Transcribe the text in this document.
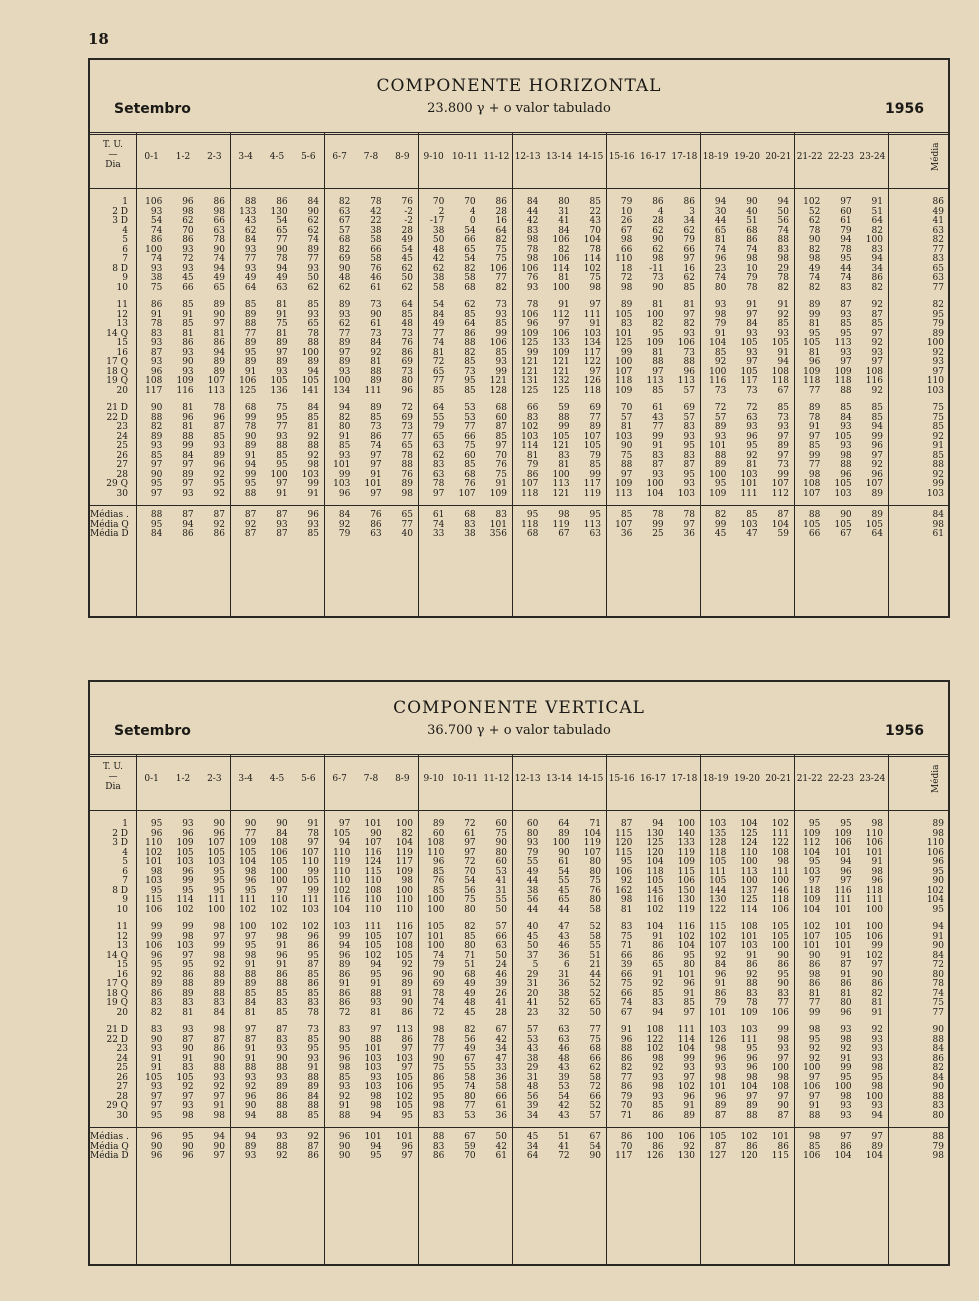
18
COMPONENTE HORIZONTAL
Setembro	23.800 γ + o valor tabulado	1956
T. U.
—
Dia
0-1	1-2	2-3	3-4	4-5	5-6	6-7	7-8	8-9	9-10 10-11 11-12 12-13 13-14 14-15 15-16 16-17 17-18 18-19 19-20 20-21 21-22 22-23 23-24	Média
1	106	96	86	88	86	84	82	78	76	70	70	86	84	80	85	79	86	86	94	90	94	102	97	91	86
2 D	93	98	98	133	130	90	63	42	-2	2	4	28	44	31	22	10	4	3	30	40	50	52	60	51	49
3 D	54	62	66	43	54	62	67	22	-2	-17	0	16	42	41	43	26	28	34	44	51	56	62	61	64	41
4	74	70	63	62	65	62	57	38	28	38	54	64	83	84	70	67	62	62	65	68	74	78	79	82	63
5	86	86	78	84	77	74	68	58	49	50	66	82	98	106	104	98	90	79	81	86	88	90	94	100	82
6	100	93	90	93	90	89	82	66	54	48	65	75	78	82	78	66	62	66	74	74	83	82	78	83	77
7	74	72	74	77	78	77	69	58	45	42	54	75	98	106	114	110	98	97	96	98	98	98	95	94	83
8 D	93	93	94	93	94	93	90	76	62	62	82	106	106	114	102	18	-11	16	23	10	29	49	44	34	65
9	38	45	49	49	49	50	48	46	50	38	58	77	76	81	75	72	73	62	74	79	78	74	74	86	63
10	75	66	65	64	63	62	62	61	62	58	68	82	93	100	98	98	90	85	80	78	82	82	83	82	77
11	86	85	89	85	81	85	89	73	64	54	62	73	78	91	97	89	81	81	93	91	91	89	87	92	82
12	91	91	90	89	91	93	93	90	85	84	85	93	106	112	111	105	100	97	98	97	92	99	93	87	95
13	78	85	97	88	75	65	62	61	48	49	64	85	96	97	91	83	82	82	79	84	85	81	85	85	79
14 Q	83	81	81	77	81	78	77	73	73	77	86	99	109	106	103	101	95	93	91	93	93	95	95	97	89
15	93	86	86	89	89	88	89	84	76	74	88	106	125	133	134	125	109	106	104	105	105	105	113	92	100
16	87	93	94	95	97	100	97	92	86	81	82	85	99	109	117	99	81	73	85	93	91	81	93	93	92
17 Q	93	90	89	89	89	89	89	81	69	72	85	93	121	121	122	100	88	88	92	97	94	96	97	97	93
18 Q	96	93	89	91	93	94	93	88	73	65	73	99	121	121	97	107	97	96	100	105	108	109	109	108	97
19 Q	108	109	107	106	105	105	100	89	80	77	95	121	131	132	126	118	113	113	116	117	118	118	118	116	110
20	117	116	113	125	136	141	134	111	96	85	85	128	125	125	118	109	85	57	73	73	67	77	88	92	103
21 D	90	81	78	68	75	84	94	89	72	64	53	68	66	59	69	70	61	69	72	72	85	89	85	85	75
22 D	88	96	96	99	95	85	82	85	69	55	53	60	83	88	77	57	43	57	57	63	73	78	84	85	75
23	82	81	87	78	77	81	80	73	73	79	77	87	102	99	89	81	77	83	89	93	93	91	93	94	85
24	89	88	85	90	93	92	91	86	77	65	66	85	103	105	107	103	99	93	93	96	97	97	105	99	92
25	93	99	93	89	88	88	85	74	65	63	75	97	114	121	105	90	91	95	101	95	89	85	93	96	91
26	85	84	89	91	85	92	93	97	78	62	60	70	81	83	79	75	83	83	88	92	97	99	98	97	85
27	97	97	96	94	95	98	101	97	88	83	85	76	79	81	85	88	87	87	89	81	73	77	88	92	88
28	90	89	92	99	100	103	99	91	76	63	68	75	86	100	99	97	93	95	100	103	99	98	96	96	92
29 Q	95	97	95	95	97	99	103	101	89	78	76	91	107	113	117	109	100	93	95	101	107	108	105	107	99
30	97	93	92	88	91	91	96	97	98	97	107	109	118	121	119	113	104	103	109	111	112	107	103	89	103
Médias .	88	87	87	87	87	96	84	76	65	61	68	83	95	98	95	85	78	78	82	85	87	88	90	89	84
Média Q	95	94	92	92	93	93	92	86	77	74	83	101	118	119	113	107	99	97	99	103	104	105	105	105	98
Média D	84	86	86	87	87	85	79	63	40	33	38	356	68	67	63	36	25	36	45	47	59	66	67	64	61
COMPONENTE VERTICAL
Setembro	36.700 γ + o valor tabulado	1956
T. U.
—
Dia
0-1	1-2	2-3	3-4	4-5	5-6	6-7	7-8	8-9	9-10 10-11 11-12 12-13 13-14 14-15 15-16 16-17 17-18 18-19 19-20 20-21 21-22 22-23 23-24	Média
1	95	93	90	90	90	91	97	101	100	89	72	60	60	64	71	87	94	100	103	104	102	95	95	98	89
2 D	96	96	96	77	84	78	105	90	82	60	61	75	80	89	104	115	130	140	135	125	111	109	109	110	98
3 D	110	109	107	109	108	97	94	107	104	108	97	90	93	100	119	120	125	133	128	124	122	112	106	106	110
4	102	105	105	105	106	107	110	116	119	110	97	80	79	90	107	115	120	119	118	110	108	104	101	101	106
5	101	103	103	104	105	110	119	124	117	96	72	60	55	61	80	95	104	109	105	100	98	95	94	91	96
6	98	96	95	98	100	99	110	115	109	85	70	53	49	54	80	106	118	115	111	113	111	103	96	98	95
7	103	99	95	96	100	105	110	110	98	76	54	41	44	55	75	92	105	106	105	100	100	97	97	96	90
8 D	95	95	95	95	97	99	102	108	100	85	56	31	38	45	76	162	145	150	144	137	146	118	116	118	102
9	115	114	111	111	110	111	116	110	110	100	75	55	56	65	80	98	116	130	130	125	118	109	111	111	104
10	106	102	100	102	102	103	104	110	110	100	80	50	44	44	58	81	102	119	122	114	106	104	101	100	95
11	99	99	98	100	102	102	103	111	116	105	82	57	40	47	52	83	104	116	115	108	105	102	101	100	94
12	99	98	97	97	98	96	99	105	107	101	85	66	45	43	58	75	91	102	102	101	105	107	105	106	91
13	106	103	99	95	91	86	94	105	108	100	80	63	50	46	55	71	86	104	107	103	100	101	101	99	90
14 Q	96	97	98	98	96	95	96	102	105	74	71	50	37	36	51	66	86	95	92	91	90	90	91	102	84
15	95	95	92	91	91	87	89	94	92	79	51	24	5	6	21	39	65	80	84	86	86	86	87	97	72
16	92	86	88	88	86	85	86	95	96	90	68	46	29	31	44	66	91	101	96	92	95	98	91	90	80
17 Q	89	88	89	89	88	86	91	91	89	69	49	39	31	36	52	75	92	96	91	88	90	86	86	86	78
18 Q	86	89	88	85	85	85	86	88	91	78	49	26	20	38	52	66	85	91	86	83	83	81	81	82	74
19 Q	83	83	83	84	83	83	86	93	90	74	48	41	41	52	65	74	83	85	79	78	77	77	80	81	75
20	82	81	84	81	85	78	72	81	86	72	45	28	23	32	50	67	94	97	101	109	106	99	96	91	77
21 D	83	93	98	97	87	73	83	97	113	98	82	67	57	63	77	91	108	111	103	103	99	98	93	92	90
22 D	90	87	87	87	83	85	90	88	86	78	56	42	53	63	75	96	122	114	126	111	98	95	98	93	88
23	93	90	86	91	93	95	95	101	97	77	49	34	43	46	68	88	102	104	98	95	93	92	92	93	84
24	91	91	90	91	90	93	96	103	103	90	67	47	38	48	66	86	98	99	96	96	97	92	91	93	86
25	91	83	88	88	88	91	98	103	97	75	55	33	29	43	62	82	92	93	93	96	100	100	99	98	82
26	105	105	93	93	93	88	85	93	105	86	58	36	31	39	58	77	93	97	98	98	98	97	95	95	84
27	93	92	92	92	89	89	93	103	106	95	74	58	48	53	72	86	98	102	101	104	108	106	100	98	90
28	97	97	97	96	86	84	92	98	102	95	80	66	56	54	66	79	93	96	96	97	97	97	98	100	88
29 Q	97	93	91	90	88	88	91	98	105	98	77	61	39	42	52	70	85	91	89	89	90	91	93	93	83
30	95	98	98	94	88	85	88	94	95	83	53	36	34	43	57	71	86	89	87	88	87	88	93	94	80
Médias .	96	95	94	94	93	92	96	101	101	88	67	50	45	51	67	86	100	106	105	102	101	98	97	97	88
Média Q	90	90	90	89	88	87	90	94	96	83	59	42	34	41	54	70	86	92	87	86	86	85	86	89	79
Média D	96	96	97	93	92	86	90	95	97	86	70	61	64	72	90	117	126	130	127	120	115	106	104	104	98
